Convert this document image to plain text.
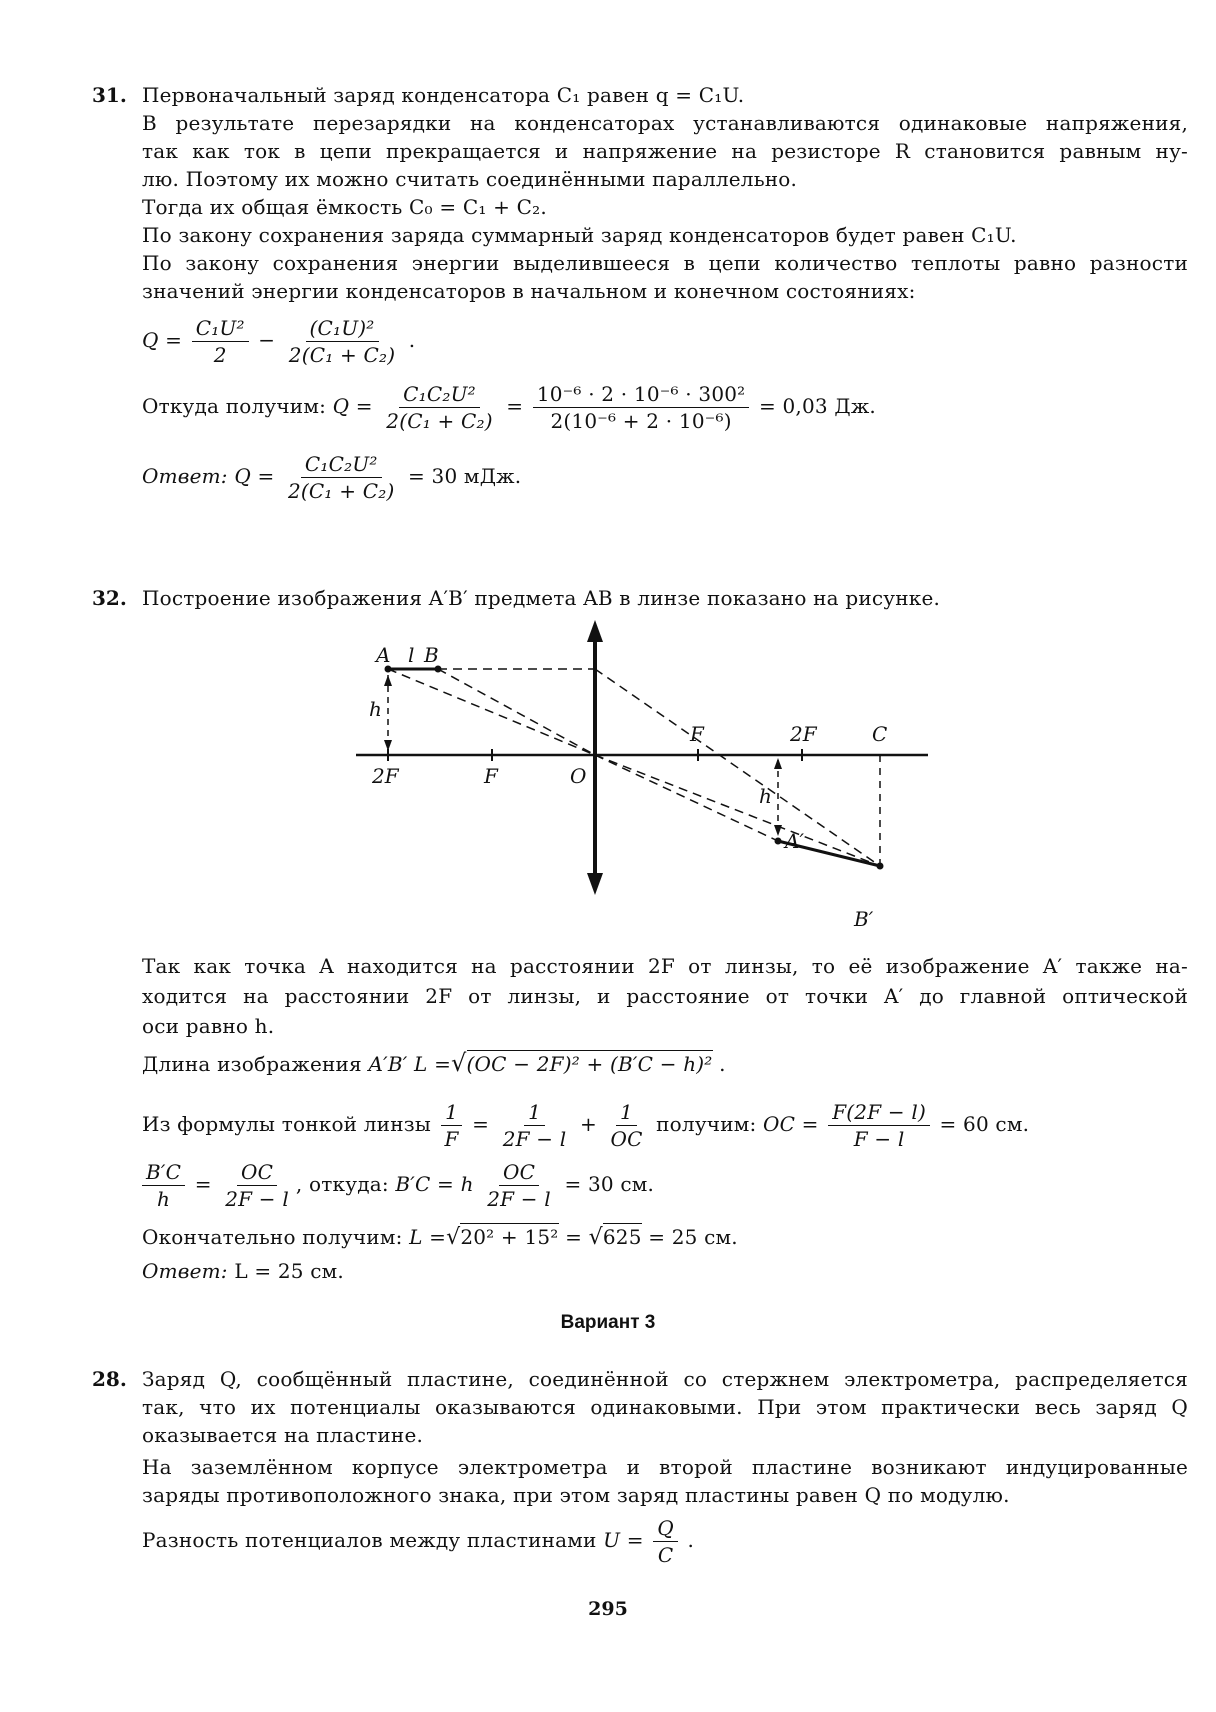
31. Первоначальный заряд конденсатора C₁ равен q = C₁U.
В результате перезарядки на конденсаторах устанавливаются одинаковые напряжения,
так как ток в цепи прекращается и напряжение на резисторе R становится равным ну-
лю. Поэтому их можно считать соединёнными параллельно.
Тогда их общая ёмкость C₀ = C₁ + C₂.
По закону сохранения заряда суммарный заряд конденсаторов будет равен C₁U.
По закону сохранения энергии выделившееся в цепи количество теплоты равно разности
значений энергии конденсаторов в начальном и конечном состояниях:
$Q = \frac{\text{C₁U²}}{2} - \frac{\text{(C₁U)²}}{\text{2(C₁ + C₂)}}$ .
Откуда получим: $Q = \frac{\text{C₁C₂U²}}{\text{2(C₁ + C₂)}} = \frac{\text{10⁻⁶ · 2 · 10⁻⁶ · 300²}}{\text{2(10⁻⁶ + 2 · 10⁻⁶)}} = 0,03$ Дж.
Ответ: $Q = \frac{\text{C₁C₂U²}}{\text{2(C₁ + C₂)}} = 30$ мДж.
32. Построение изображения A′B′ предмета AB в линзе показано на рисунке.
A l B
h
F	2F	C
2F	F	O
h
A′
B′
Так как точка A находится на расстоянии 2F от линзы, то её изображение A′ также на-
ходится на расстоянии 2F от линзы, и расстояние от точки A′ до главной оптической
оси равно h.
Длина изображения A′B′ L =√(OC − 2F)² + (B′C − h)² .
Из формулы тонкой линзы $\frac{1}{F} = \frac{1}{2F - l} + \frac{1}{OC}$ получим: OC = $\frac{F(2F - l)}{F - l} = 60$ см.
$\frac{B'C}{h} = \frac{OC}{2F - l}$ , откуда: B′C = h $\frac{OC}{2F - l} = 30$ см.
Окончательно получим: L =√20² + 15² = √625 = 25 см.
Ответ: L = 25 см.
Вариант 3
28. Заряд Q, сообщённый пластине, соединённой со стержнем электрометра, распределяется
так, что их потенциалы оказываются одинаковыми. При этом практически весь заряд Q
оказывается на пластине.
На заземлённом корпусе электрометра и второй пластине возникают индуцированные
заряды противоположного знака, при этом заряд пластины равен Q по модулю.
Разность потенциалов между пластинами $U = \frac{Q}{C}$ .
295
